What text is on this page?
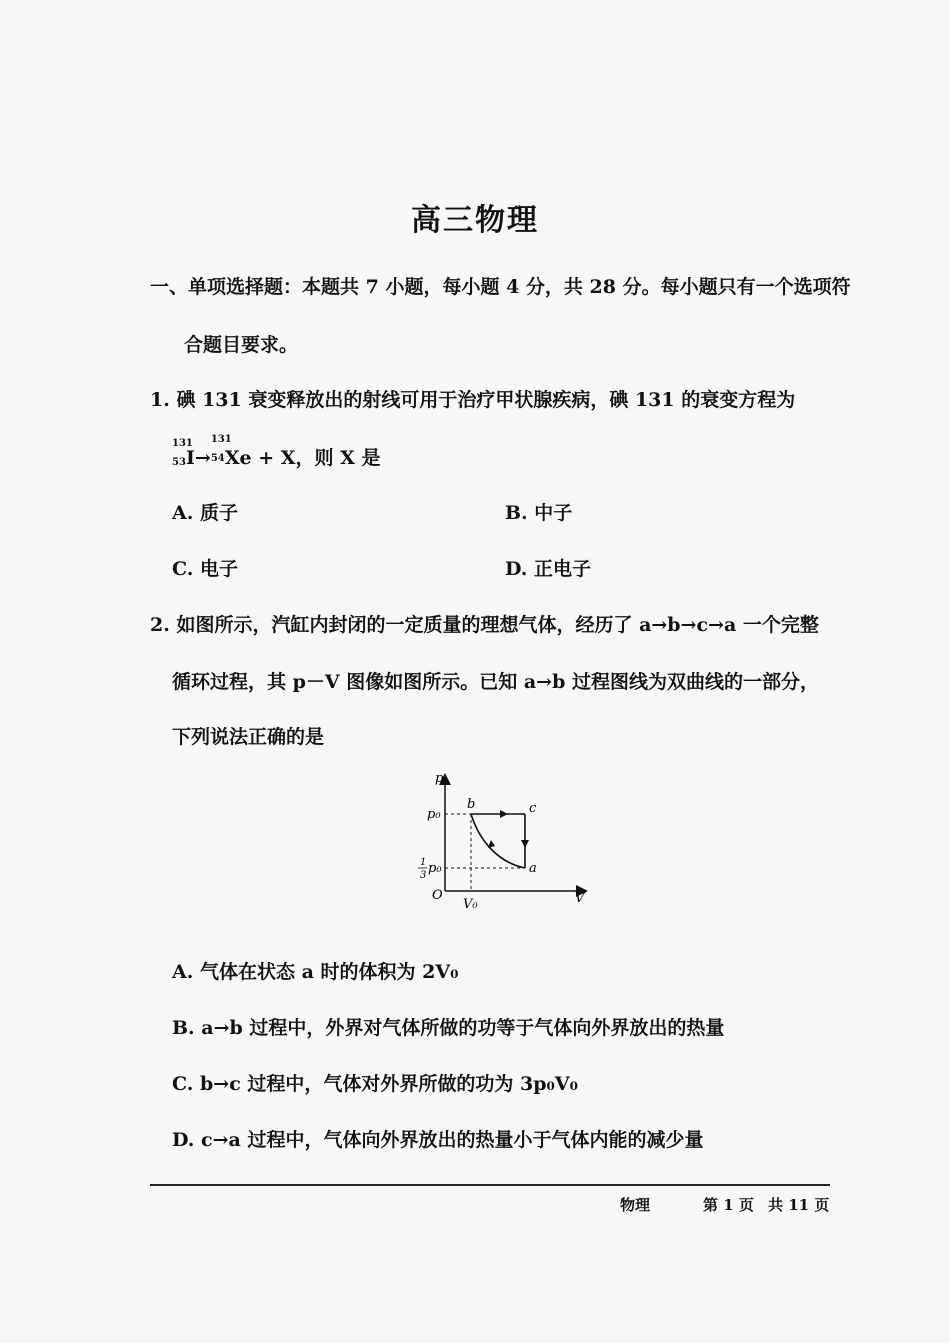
高三物理
一、单项选择题：本题共 7 小题，每小题 4 分，共 28 分。每小题只有一个选项符
合题目要求。
1. 碘 131 衰变释放出的射线可用于治疗甲状腺疾病，碘 131 的衰变方程为
131
53 I→
131
54 Xe + X，则 X 是
A. 质子	B. 中子
C. 电子	D. 正电子
2. 如图所示，汽缸内封闭的一定质量的理想气体，经历了 a→b→c→a 一个完整
循环过程，其 p－V 图像如图所示。已知 a→b 过程图线为双曲线的一部分，
下列说法正确的是
p
V
O
p₀
1
3 p₀
V₀
a
b	c
A. 气体在状态 a 时的体积为 2V₀
B. a→b 过程中，外界对气体所做的功等于气体向外界放出的热量
C. b→c 过程中，气体对外界所做的功为 3p₀V₀
D. c→a 过程中，气体向外界放出的热量小于气体内能的减少量
物理	第 1 页 共 11 页
